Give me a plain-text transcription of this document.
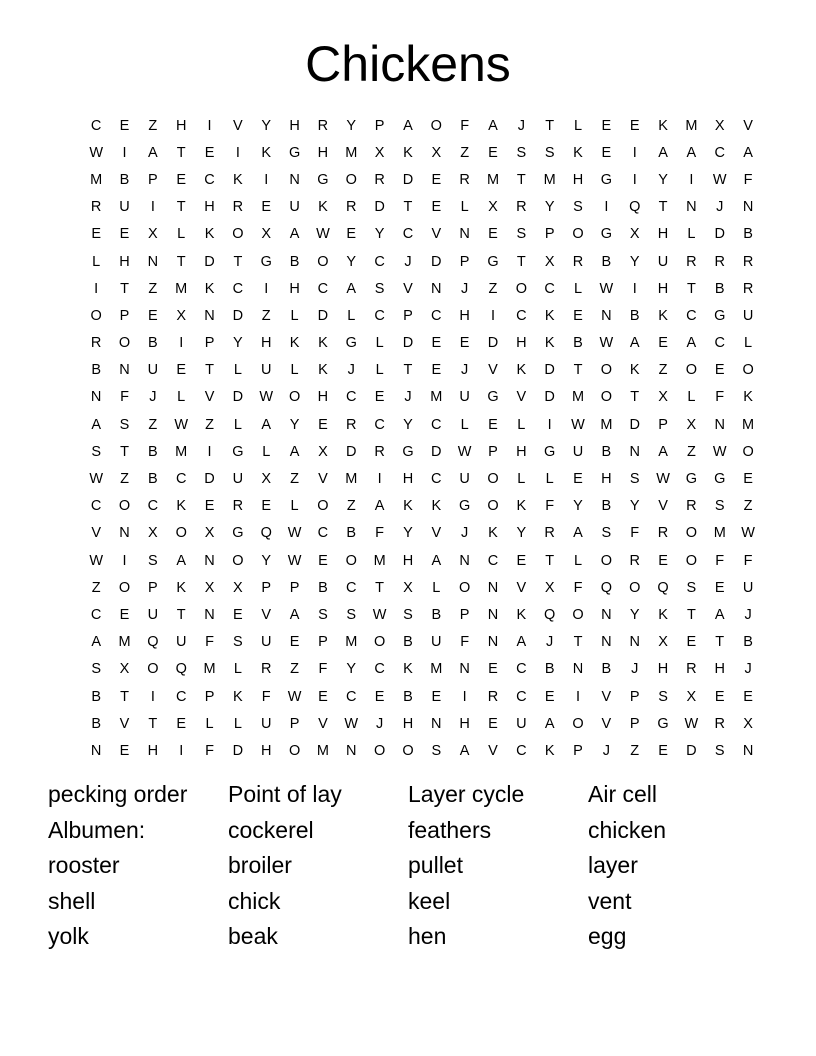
Chickens
C	E	Z	H	I	V	Y	H	R	Y	P	A	O	F	A	J	T	L	E	E	K	M	X	V
W	I	A	T	E	I	K	G	H	M	X	K	X	Z	E	S	S	K	E	I	A	A	C	A
M	B	P	E	C	K	I	N	G	O	R	D	E	R	M	T	M	H	G	I	Y	I	W	F
R	U	I	T	H	R	E	U	K	R	D	T	E	L	X	R	Y	S	I	Q	T	N	J	N
E	E	X	L	K	O	X	A	W	E	Y	C	V	N	E	S	P	O	G	X	H	L	D	B
L	H	N	T	D	T	G	B	O	Y	C	J	D	P	G	T	X	R	B	Y	U	R	R	R
I	T	Z	M	K	C	I	H	C	A	S	V	N	J	Z	O	C	L	W	I	H	T	B	R
O	P	E	X	N	D	Z	L	D	L	C	P	C	H	I	C	K	E	N	B	K	C	G	U
R	O	B	I	P	Y	H	K	K	G	L	D	E	E	D	H	K	B	W	A	E	A	C	L
B	N	U	E	T	L	U	L	K	J	L	T	E	J	V	K	D	T	O	K	Z	O	E	O
N	F	J	L	V	D	W	O	H	C	E	J	M	U	G	V	D	M	O	T	X	L	F	K
A	S	Z	W	Z	L	A	Y	E	R	C	Y	C	L	E	L	I	W	M	D	P	X	N	M
S	T	B	M	I	G	L	A	X	D	R	G	D	W	P	H	G	U	B	N	A	Z	W	O
W	Z	B	C	D	U	X	Z	V	M	I	H	C	U	O	L	L	E	H	S	W	G	G	E
C	O	C	K	E	R	E	L	O	Z	A	K	K	G	O	K	F	Y	B	Y	V	R	S	Z
V	N	X	O	X	G	Q	W	C	B	F	Y	V	J	K	Y	R	A	S	F	R	O	M	W
W	I	S	A	N	O	Y	W	E	O	M	H	A	N	C	E	T	L	O	R	E	O	F	F
Z	O	P	K	X	X	P	P	B	C	T	X	L	O	N	V	X	F	Q	O	Q	S	E	U
C	E	U	T	N	E	V	A	S	S	W	S	B	P	N	K	Q	O	N	Y	K	T	A	J
A	M	Q	U	F	S	U	E	P	M	O	B	U	F	N	A	J	T	N	N	X	E	T	B
S	X	O	Q	M	L	R	Z	F	Y	C	K	M	N	E	C	B	N	B	J	H	R	H	J
B	T	I	C	P	K	F	W	E	C	E	B	E	I	R	C	E	I	V	P	S	X	E	E
B	V	T	E	L	L	U	P	V	W	J	H	N	H	E	U	A	O	V	P	G	W	R	X
N	E	H	I	F	D	H	O	M	N	O	O	S	A	V	C	K	P	J	Z	E	D	S	N
pecking order	Point of lay	Layer cycle	Air cell
Albumen:	cockerel	feathers	chicken
rooster	broiler	pullet	layer
shell	chick	keel	vent
yolk	beak	hen	egg
